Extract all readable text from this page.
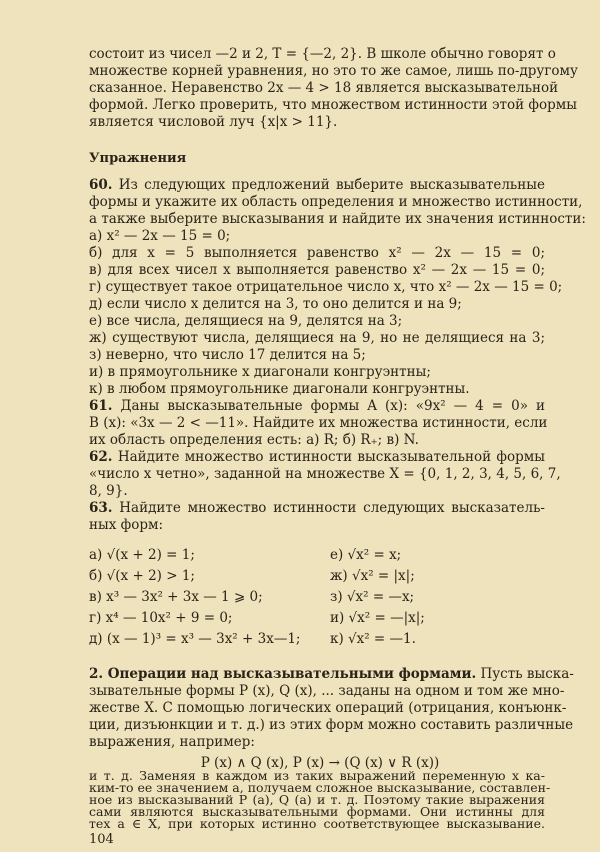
состоит из чисел —2 и 2, T = {—2, 2}. В школе обычно говорят о
множестве корней уравнения, но это то же самое, лишь по-другому
сказанное. Неравенство 2x — 4 > 18 является высказывательной
формой. Легко проверить, что множеством истинности этой формы
является числовой луч {x|x > 11}.
Упражнения
60. Из следующих предложений выберите высказывательные
формы и укажите их область определения и множество истинности,
а также выберите высказывания и найдите их значения истинности:
а) x² — 2x — 15 = 0;
б) для x = 5 выполняется равенство x² — 2x — 15 = 0;
в) для всех чисел x выполняется равенство x² — 2x — 15 = 0;
г) существует такое отрицательное число x, что x² — 2x — 15 = 0;
д) если число x делится на 3, то оно делится и на 9;
е) все числа, делящиеся на 9, делятся на 3;
ж) существуют числа, делящиеся на 9, но не делящиеся на 3;
з) неверно, что число 17 делится на 5;
и) в прямоугольнике x диагонали конгруэнтны;
к) в любом прямоугольнике диагонали конгруэнтны.
61. Даны высказывательные формы A (x): «9x² — 4 = 0» и
B (x): «3x — 2 < —11». Найдите их множества истинности, если
их область определения есть: а) R; б) R₊; в) N.
62. Найдите множество истинности высказывательной формы
«число x четно», заданной на множестве X = {0, 1, 2, 3, 4, 5, 6, 7,
8, 9}.
63. Найдите множество истинности следующих высказатель-
ных форм:
а) √(x + 2) = 1;
б) √(x + 2) > 1;
в) x³ — 3x² + 3x — 1 ⩾ 0;
г) x⁴ — 10x² + 9 = 0;
д) (x — 1)³ = x³ — 3x² + 3x—1;
е) √x² = x;
ж) √x² = |x|;
з) √x² = —x;
и) √x² = —|x|;
к) √x² = —1.
2. Операции над высказывательными формами. Пусть выска-
зывательные формы P (x), Q (x), ... заданы на одном и том же мно-
жестве X. С помощью логических операций (отрицания, конъюнк-
ции, дизъюнкции и т. д.) из этих форм можно составить различные
выражения, например:
P (x) ∧ Q (x), P (x) → (Q (x) ∨ R (x))
104
и т. д. Заменяя в каждом из таких выражений переменную x ка-
ким-то ее значением a, получаем сложное высказывание, составлен-
ное из высказываний P (a), Q (a) и т. д. Поэтому такие выражения
сами являются высказывательными формами. Они истинны для
тех a ∈ X, при которых истинно соответствующее высказывание.
